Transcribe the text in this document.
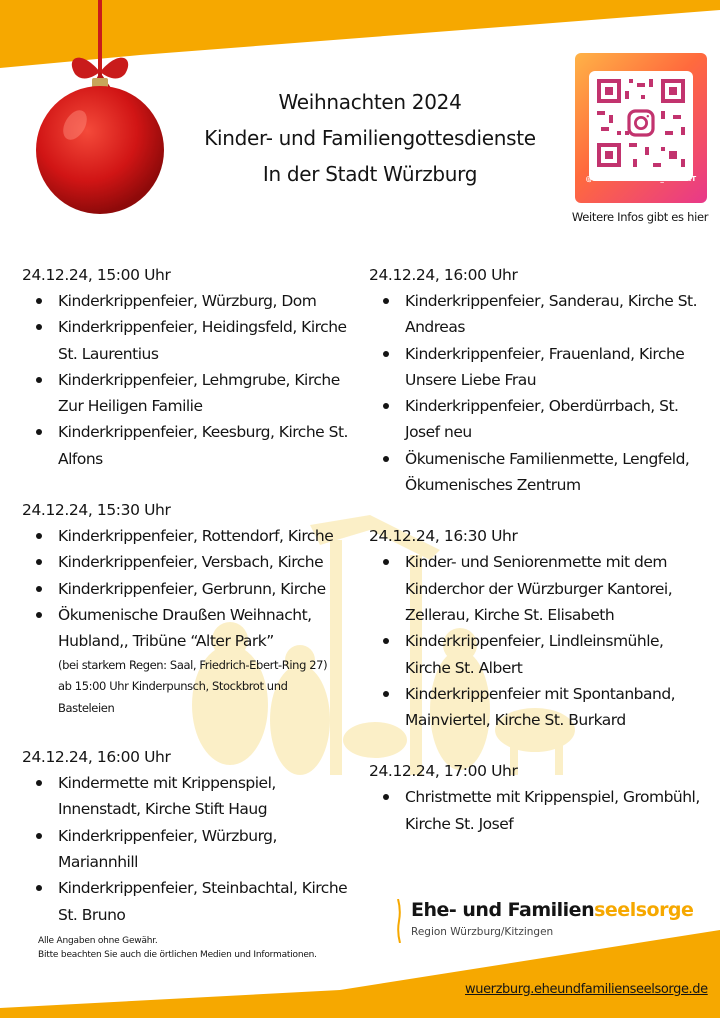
Weihnachten 2024
Kinder- und Familiengottesdienste
In der Stadt Würzburg	@FAMILIEN.PAARE_WUE.KT
Weitere Infos gibt es hier
24.12.24, 15:00 Uhr
Kinderkrippenfeier, Würzburg, Dom
Kinderkrippenfeier, Heidingsfeld, Kirche St. Laurentius
Kinderkrippenfeier, Lehmgrube, Kirche Zur Heiligen Familie
Kinderkrippenfeier, Keesburg, Kirche St. Alfons
24.12.24, 15:30 Uhr
Kinderkrippenfeier, Rottendorf, Kirche
Kinderkrippenfeier, Versbach, Kirche
Kinderkrippenfeier, Gerbrunn, Kirche
Ökumenische Draußen Weihnacht, Hubland,, Tribüne “Alter Park”
(bei starkem Regen: Saal, Friedrich-Ebert-Ring 27)
ab 15:00 Uhr Kinderpunsch, Stockbrot und
Basteleien
24.12.24, 16:00 Uhr
Kindermette mit Krippenspiel, Innenstadt, Kirche Stift Haug
Kinderkrippenfeier, Würzburg, Mariannhill
Kinderkrippenfeier, Steinbachtal, Kirche St. Bruno
24.12.24, 16:00 Uhr
Kinderkrippenfeier, Sanderau, Kirche St. Andreas
Kinderkrippenfeier, Frauenland, Kirche Unsere Liebe Frau
Kinderkrippenfeier, Oberdürrbach, St. Josef neu
Ökumenische Familienmette, Lengfeld, Ökumenisches Zentrum
24.12.24, 16:30 Uhr
Kinder- und Seniorenmette mit dem Kinderchor der Würzburger Kantorei, Zellerau, Kirche St. Elisabeth
Kinderkrippenfeier, Lindleinsmühle, Kirche St. Albert
Kinderkrippenfeier mit Spontanband, Mainviertel, Kirche St. Burkard
24.12.24, 17:00 Uhr
Christmette mit Krippenspiel, Grombühl, Kirche St. Josef
Alle Angaben ohne Gewähr.
Bitte beachten Sie auch die örtlichen Medien und Informationen.
Ehe- und Familienseelsorge
Region Würzburg/Kitzingen
wuerzburg.eheundfamilienseelsorge.de
